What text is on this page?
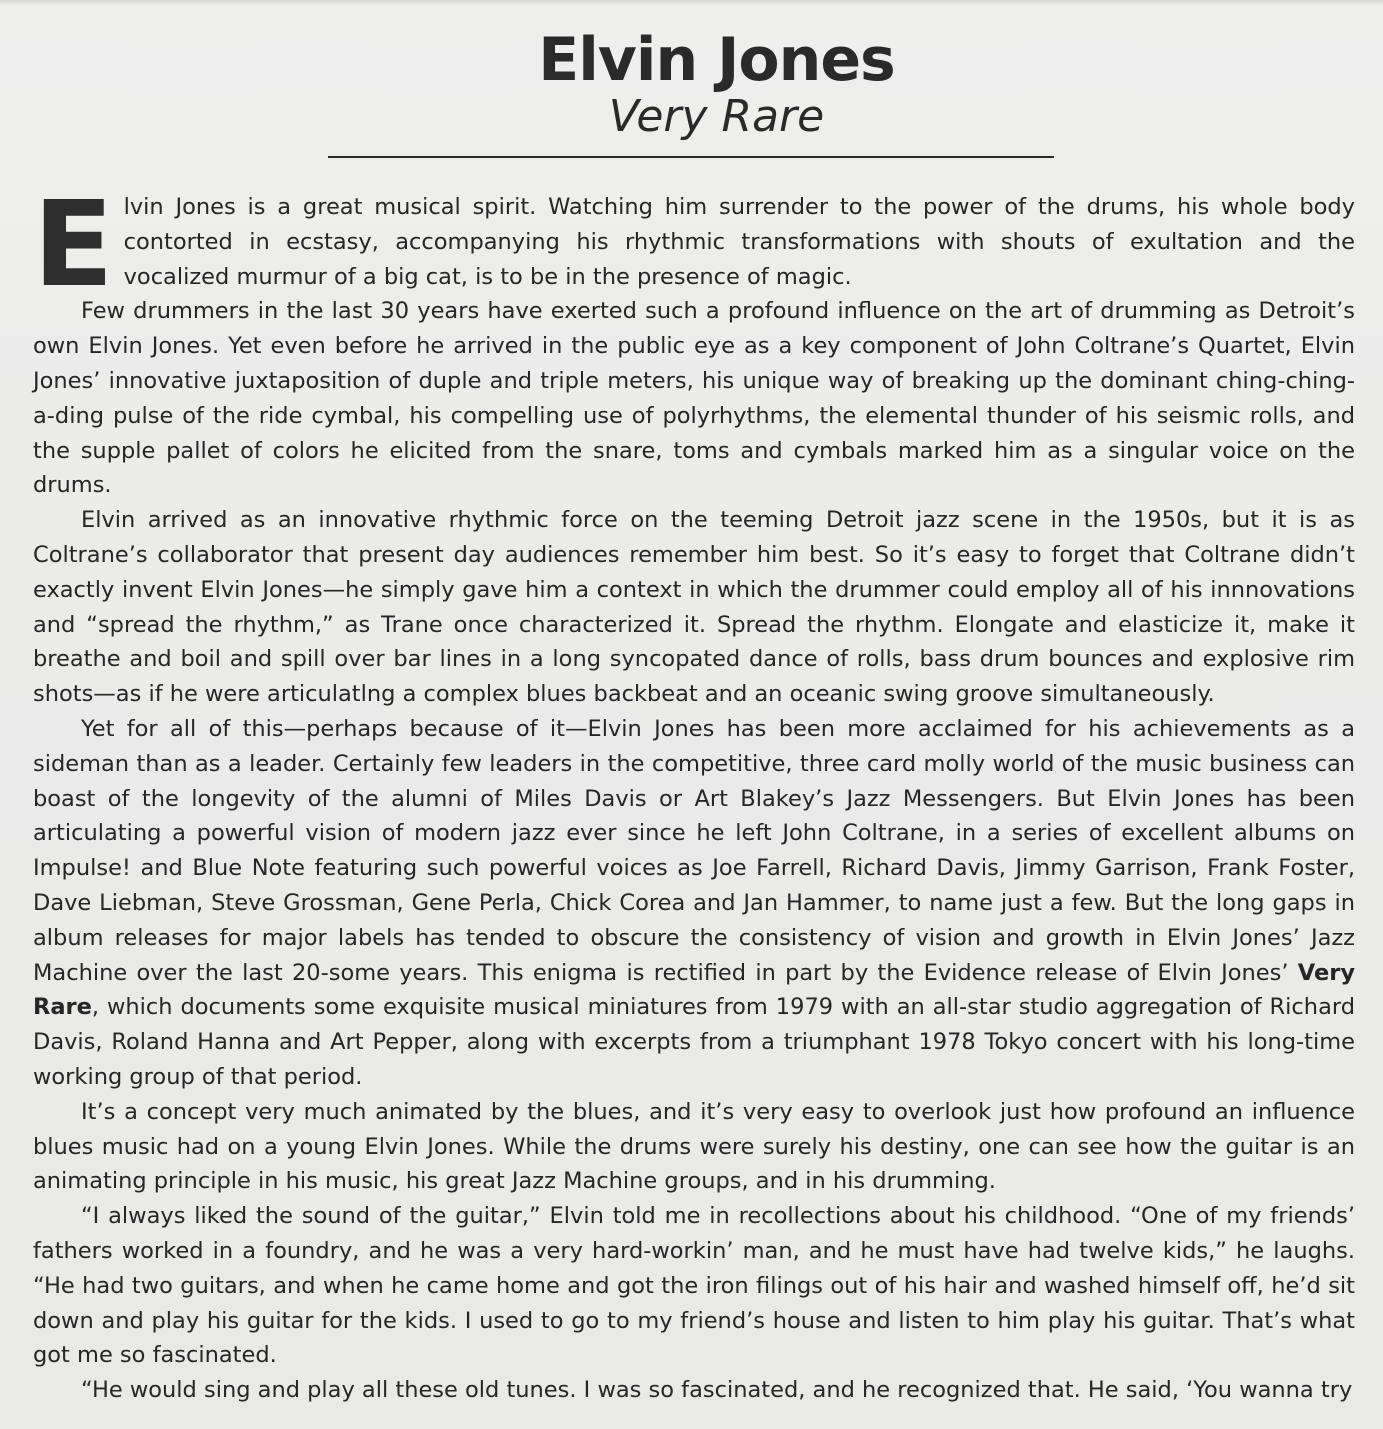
Elvin Jones
Very Rare

Elvin Jones is a great musical spirit. Watching him surrender to the power of the drums, his whole body contorted in ecstasy, accompanying his rhythmic transformations with shouts of exultation and the vocalized murmur of a big cat, is to be in the presence of magic.

Few drummers in the last 30 years have exerted such a profound influence on the art of drumming as Detroit’s own Elvin Jones. Yet even before he arrived in the public eye as a key component of John Coltrane’s Quartet, Elvin Jones’ innovative juxtaposition of duple and triple meters, his unique way of breaking up the dominant ching-ching-a-ding pulse of the ride cymbal, his compelling use of polyrhythms, the elemental thunder of his seismic rolls, and the supple pallet of colors he elicited from the snare, toms and cymbals marked him as a singular voice on the drums.

Elvin arrived as an innovative rhythmic force on the teeming Detroit jazz scene in the 1950s, but it is as Coltrane’s collaborator that present day audiences remember him best. So it’s easy to forget that Coltrane didn’t exactly invent Elvin Jones—he simply gave him a context in which the drummer could employ all of his innnovations and “spread the rhythm,” as Trane once characterized it. Spread the rhythm. Elongate and elasticize it, make it breathe and boil and spill over bar lines in a long syncopated dance of rolls, bass drum bounces and explosive rim shots—as if he were articulatlng a complex blues backbeat and an oceanic swing groove simultaneously.

Yet for all of this—perhaps because of it—Elvin Jones has been more acclaimed for his achievements as a sideman than as a leader. Certainly few leaders in the competitive, three card molly world of the music business can boast of the longevity of the alumni of Miles Davis or Art Blakey’s Jazz Messengers. But Elvin Jones has been articulating a powerful vision of modern jazz ever since he left John Coltrane, in a series of excellent albums on Impulse! and Blue Note featuring such powerful voices as Joe Farrell, Richard Davis, Jimmy Garrison, Frank Foster, Dave Liebman, Steve Grossman, Gene Perla, Chick Corea and Jan Hammer, to name just a few. But the long gaps in album releases for major labels has tended to obscure the consistency of vision and growth in Elvin Jones’ Jazz Machine over the last 20-some years. This enigma is rectified in part by the Evidence release of Elvin Jones’ Very Rare, which documents some exquisite musical miniatures from 1979 with an all-star studio aggregation of Richard Davis, Roland Hanna and Art Pepper, along with excerpts from a triumphant 1978 Tokyo concert with his long-time working group of that period.

It’s a concept very much animated by the blues, and it’s very easy to overlook just how profound an influence blues music had on a young Elvin Jones. While the drums were surely his destiny, one can see how the guitar is an animating principle in his music, his great Jazz Machine groups, and in his drumming.

“I always liked the sound of the guitar,” Elvin told me in recollections about his childhood. “One of my friends’ fathers worked in a foundry, and he was a very hard-workin’ man, and he must have had twelve kids,” he laughs. “He had two guitars, and when he came home and got the iron filings out of his hair and washed himself off, he’d sit down and play his guitar for the kids. I used to go to my friend’s house and listen to him play his guitar. That’s what got me so fascinated.

“He would sing and play all these old tunes. I was so fascinated, and he recognized that. He said, ‘You wanna try
